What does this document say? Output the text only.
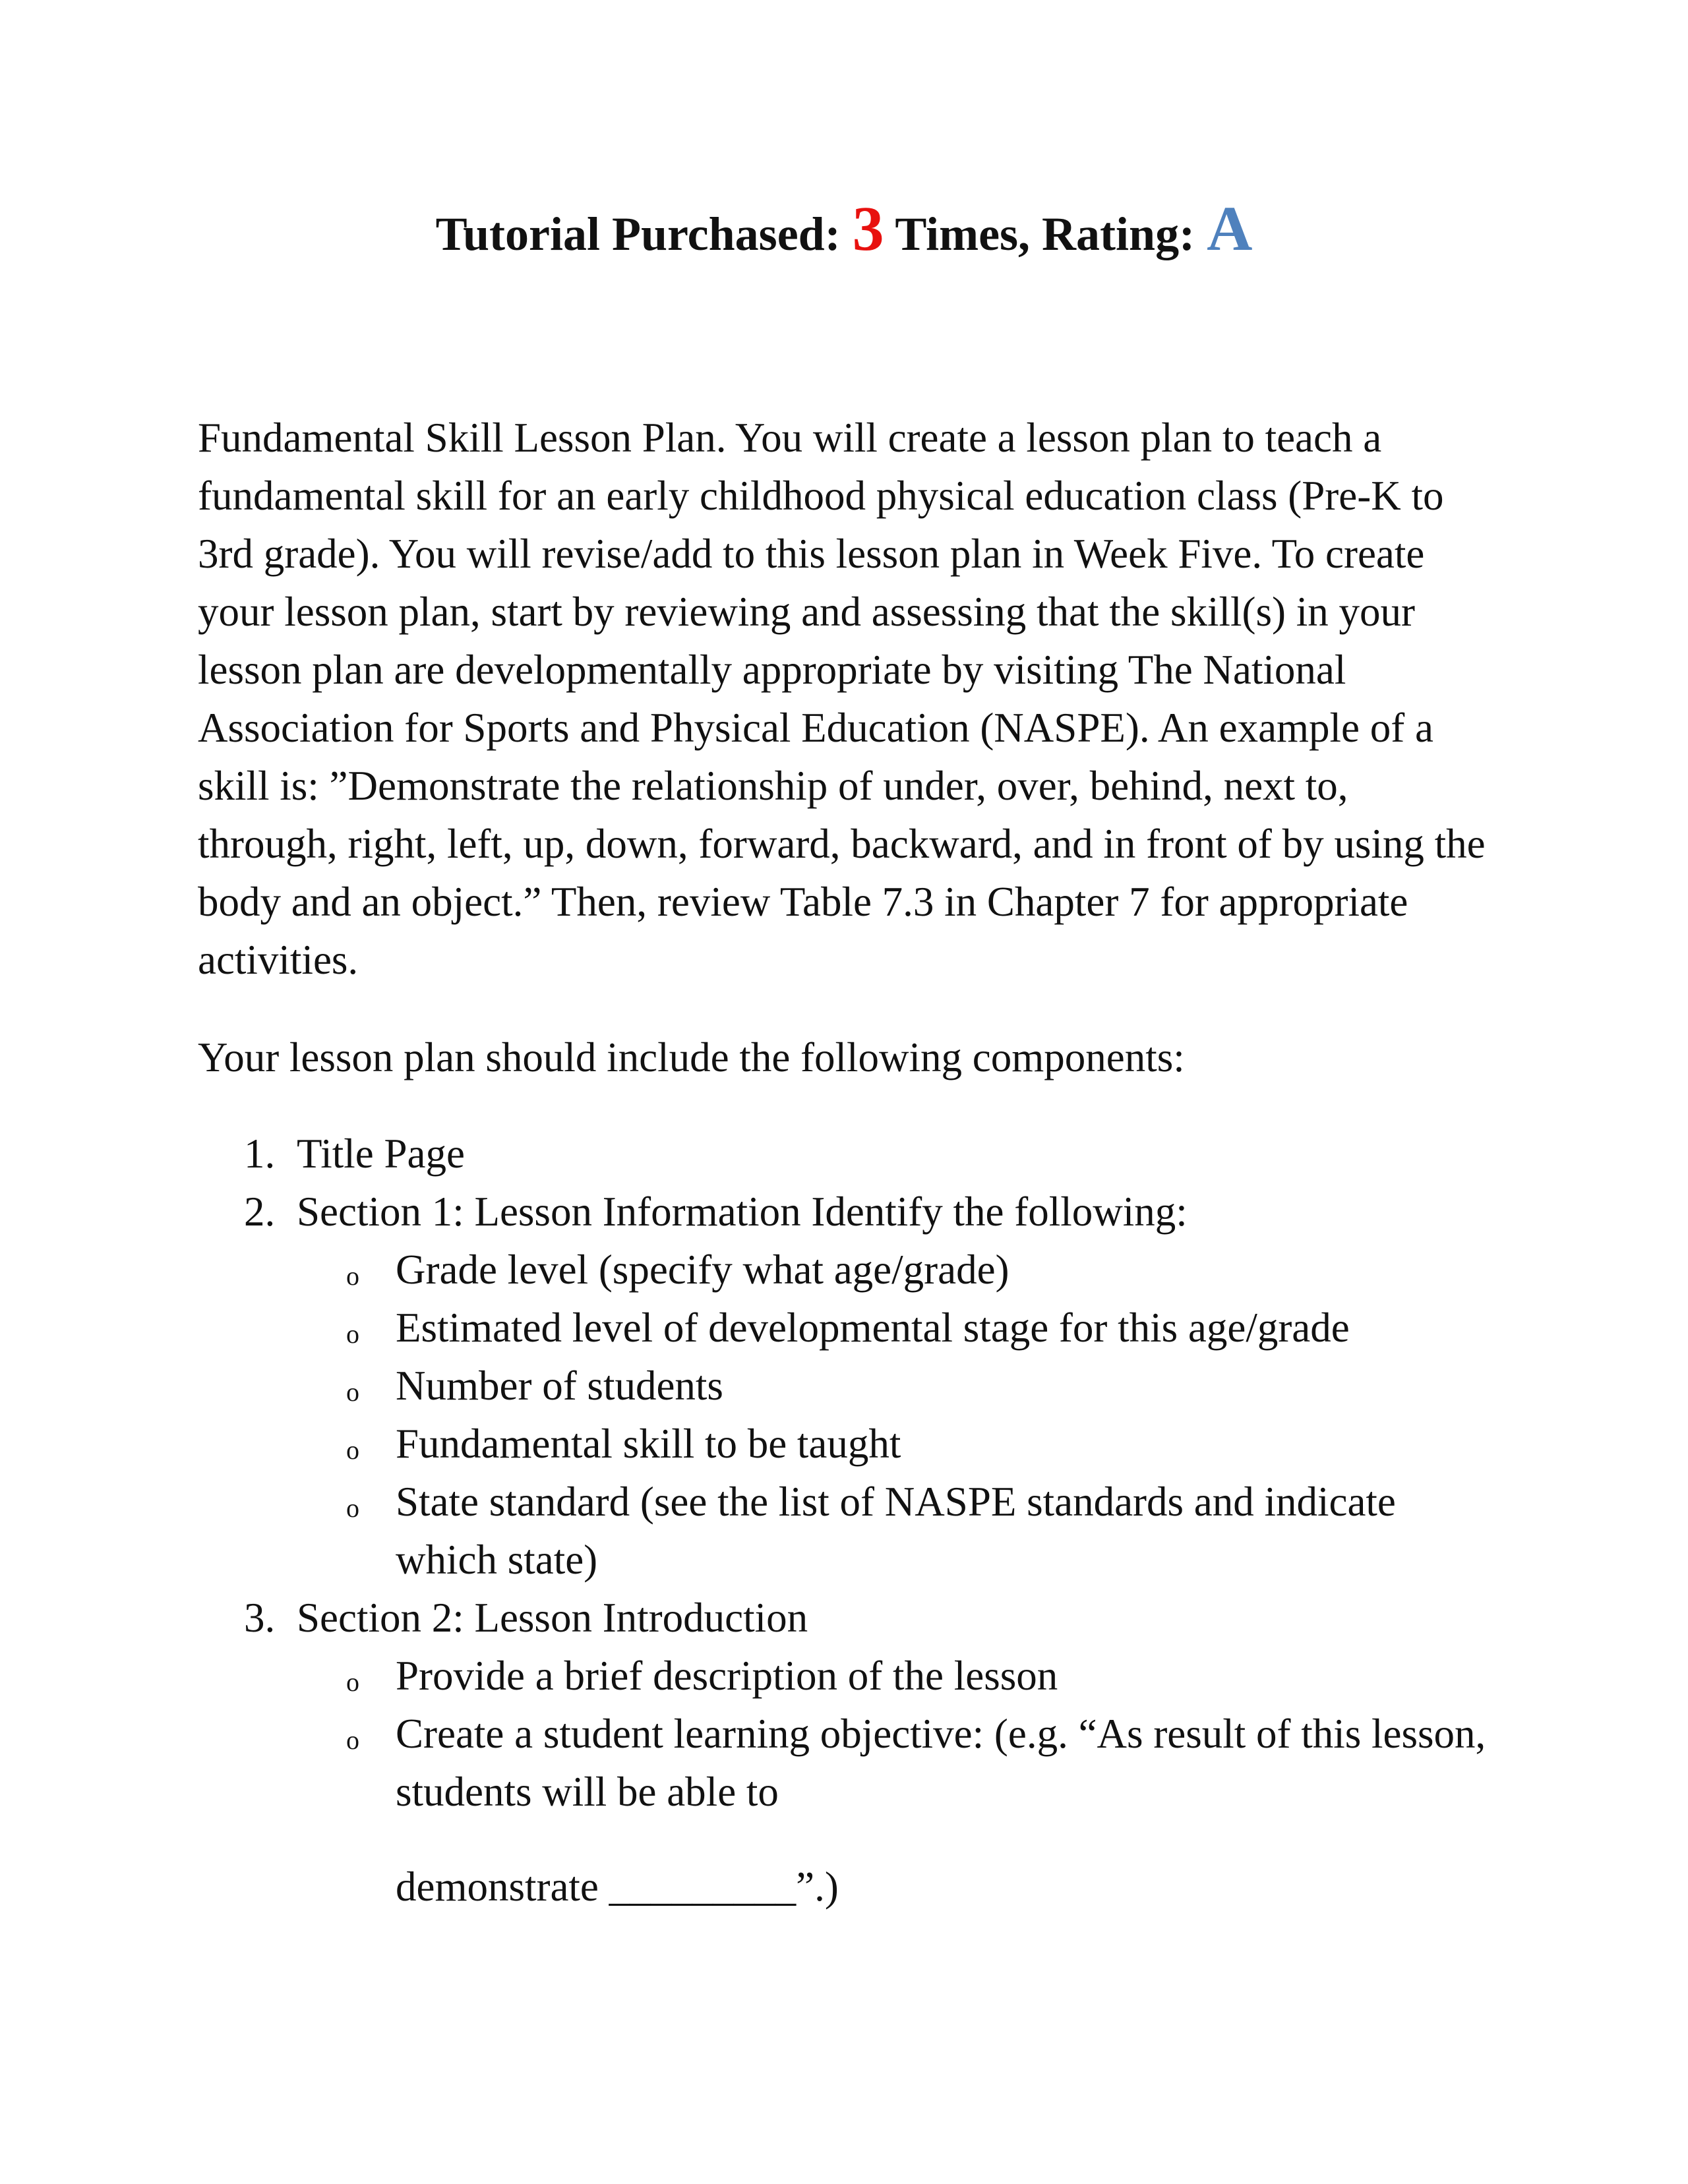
Tutorial Purchased: 3 Times, Rating: A
Fundamental Skill Lesson Plan. You will create a lesson plan to teach a fundamental skill for an early childhood physical education class (Pre-K to 3rd grade). You will revise/add to this lesson plan in Week Five. To create your lesson plan, start by reviewing and assessing that the skill(s) in your lesson plan are developmentally appropriate by visiting The National Association for Sports and Physical Education (NASPE). An example of a skill is: ”Demonstrate the relationship of under, over, behind, next to, through, right, left, up, down, forward, backward, and in front of by using the body and an object.” Then, review Table 7.3 in Chapter 7 for appropriate activities.
Your lesson plan should include the following components:
1. Title Page
2. Section 1: Lesson Information Identify the following:
o Grade level (specify what age/grade)
o Estimated level of developmental stage for this age/grade
o Number of students
o Fundamental skill to be taught
o State standard (see the list of NASPE standards and indicate which state)
3. Section 2: Lesson Introduction
o Provide a brief description of the lesson
o Create a student learning objective: (e.g. “As result of this lesson, students will be able to
demonstrate _________”.)
